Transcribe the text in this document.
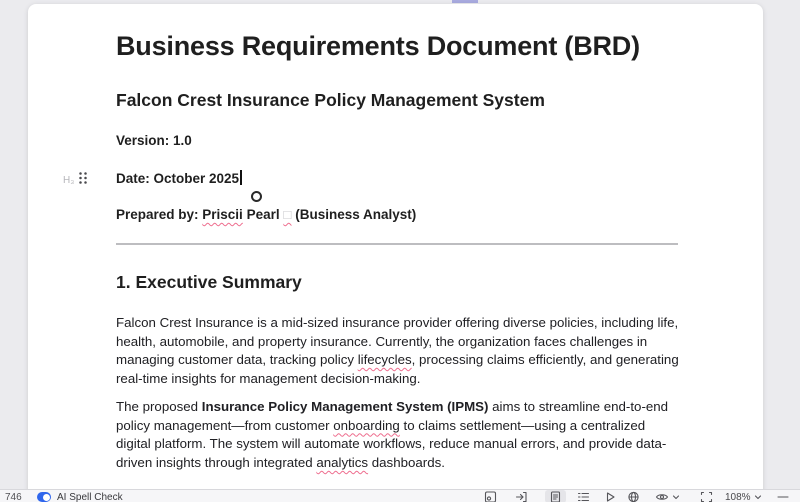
Business Requirements Document (BRD)
Falcon Crest Insurance Policy Management System
Version: 1.0
H₃	Date: October 2025
Prepared by: Priscii Pearl □ (Business Analyst)
1. Executive Summary
Falcon Crest Insurance is a mid-sized insurance provider offering diverse policies, including life,
health, automobile, and property insurance. Currently, the organization faces challenges in
managing customer data, tracking policy lifecycles, processing claims efficiently, and generating
real-time insights for management decision-making.
The proposed Insurance Policy Management System (IPMS) aims to streamline end-to-end
policy management—from customer onboarding to claims settlement—using a centralized
digital platform. The system will automate workflows, reduce manual errors, and provide data-
driven insights through integrated analytics dashboards.
746	AI Spell Check	108%
